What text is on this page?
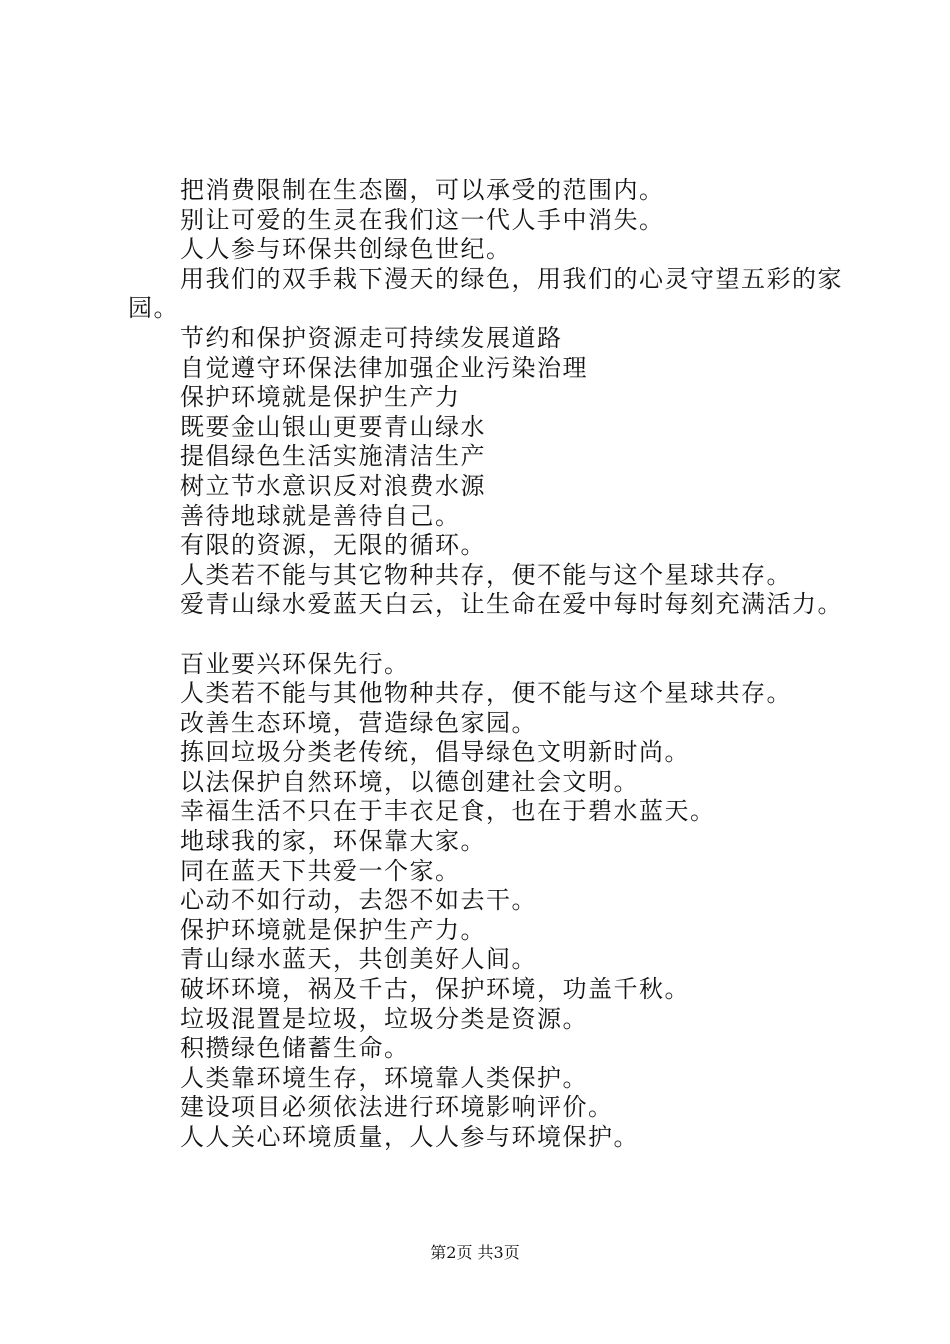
把消费限制在生态圈，可以承受的范围内。

别让可爱的生灵在我们这一代人手中消失。

人人参与环保共创绿色世纪。

用我们的双手栽下漫天的绿色，用我们的心灵守望五彩的家园。

节约和保护资源走可持续发展道路

自觉遵守环保法律加强企业污染治理

保护环境就是保护生产力

既要金山银山更要青山绿水

提倡绿色生活实施清洁生产

树立节水意识反对浪费水源

善待地球就是善待自己。

有限的资源，无限的循环。

人类若不能与其它物种共存，便不能与这个星球共存。

爱青山绿水爱蓝天白云，让生命在爱中每时每刻充满活力。

百业要兴环保先行。

人类若不能与其他物种共存，便不能与这个星球共存。

改善生态环境，营造绿色家园。

拣回垃圾分类老传统，倡导绿色文明新时尚。

以法保护自然环境，以德创建社会文明。

幸福生活不只在于丰衣足食，也在于碧水蓝天。

地球我的家，环保靠大家。

同在蓝天下共爱一个家。

心动不如行动，去怨不如去干。

保护环境就是保护生产力。

青山绿水蓝天，共创美好人间。

破坏环境，祸及千古，保护环境，功盖千秋。

垃圾混置是垃圾，垃圾分类是资源。

积攒绿色储蓄生命。

人类靠环境生存，环境靠人类保护。

建设项目必须依法进行环境影响评价。

人人关心环境质量，人人参与环境保护。

第2页 共3页
